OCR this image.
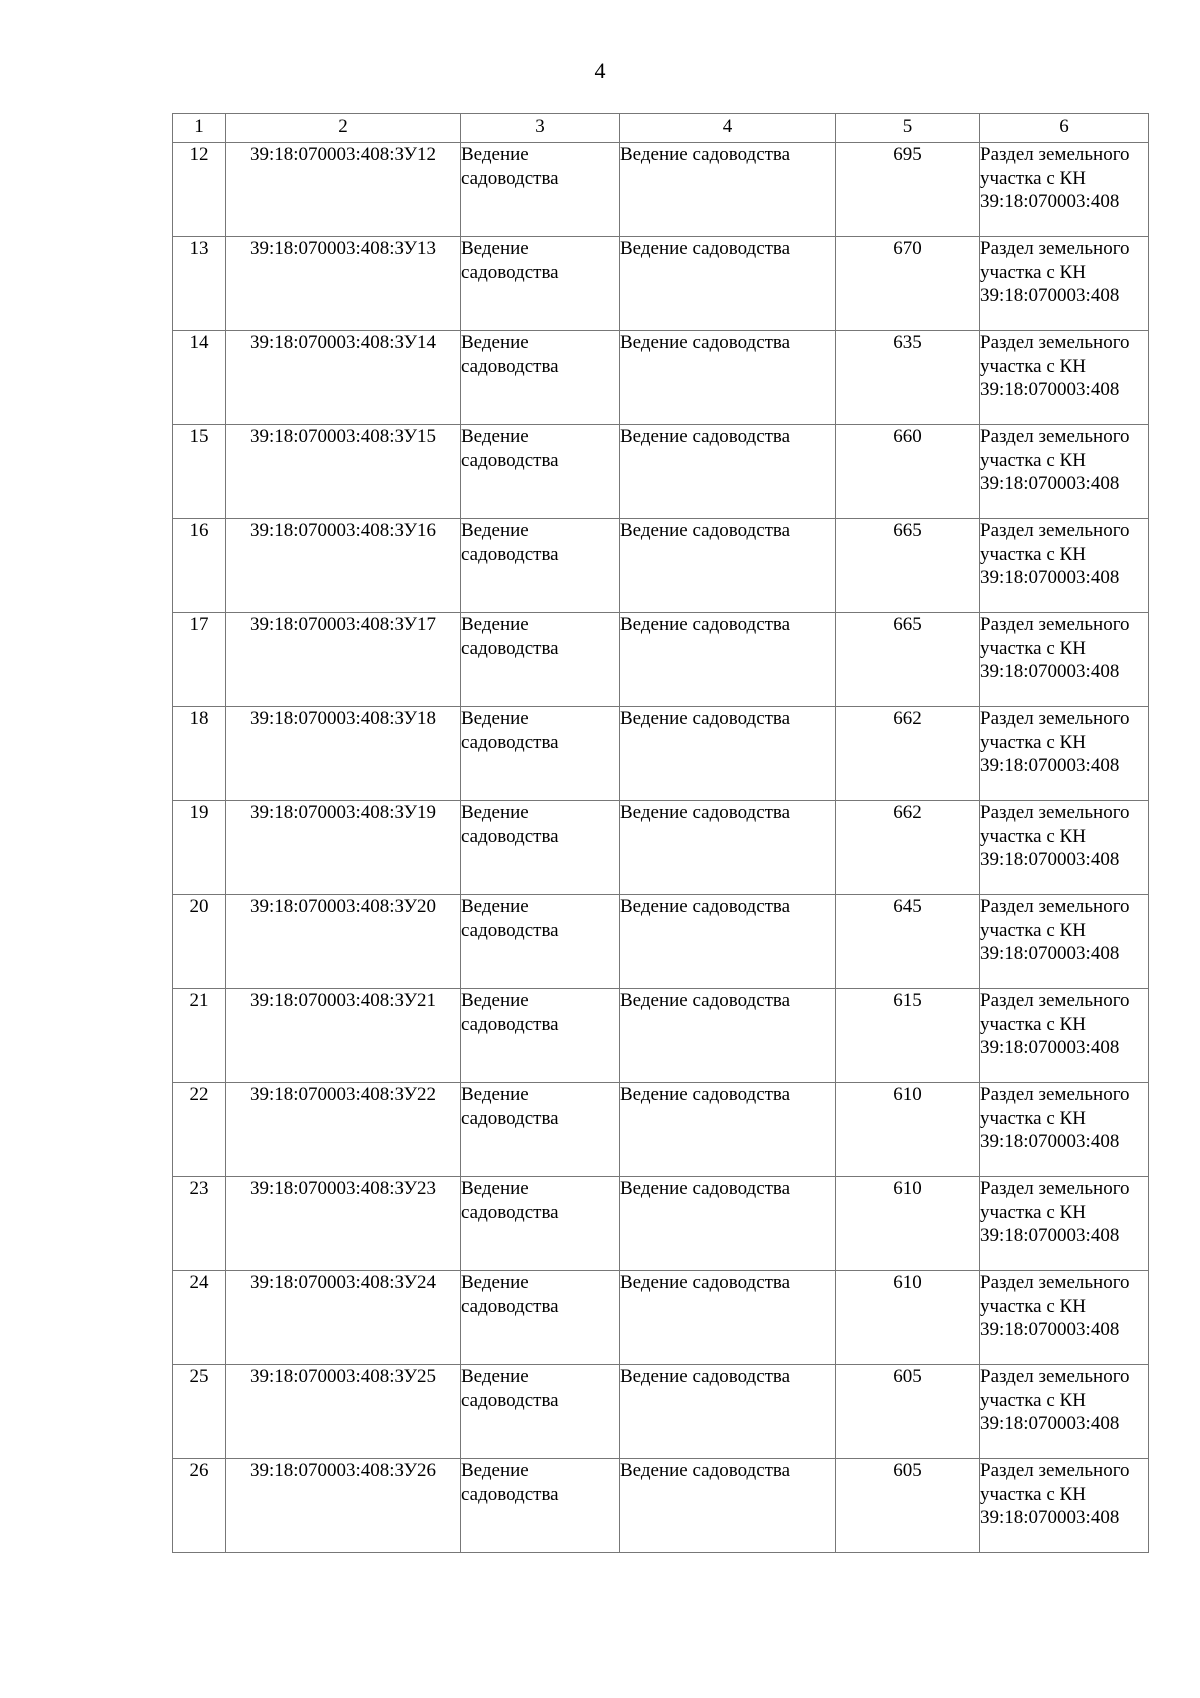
4
1	2	3	4	5	6
12	39:18:070003:408:ЗУ12	Ведение садоводства	Ведение садоводства	695	Раздел земельного участка с КН 39:18:070003:408
13	39:18:070003:408:ЗУ13	Ведение садоводства	Ведение садоводства	670	Раздел земельного участка с КН 39:18:070003:408
14	39:18:070003:408:ЗУ14	Ведение садоводства	Ведение садоводства	635	Раздел земельного участка с КН 39:18:070003:408
15	39:18:070003:408:ЗУ15	Ведение садоводства	Ведение садоводства	660	Раздел земельного участка с КН 39:18:070003:408
16	39:18:070003:408:ЗУ16	Ведение садоводства	Ведение садоводства	665	Раздел земельного участка с КН 39:18:070003:408
17	39:18:070003:408:ЗУ17	Ведение садоводства	Ведение садоводства	665	Раздел земельного участка с КН 39:18:070003:408
18	39:18:070003:408:ЗУ18	Ведение садоводства	Ведение садоводства	662	Раздел земельного участка с КН 39:18:070003:408
19	39:18:070003:408:ЗУ19	Ведение садоводства	Ведение садоводства	662	Раздел земельного участка с КН 39:18:070003:408
20	39:18:070003:408:ЗУ20	Ведение садоводства	Ведение садоводства	645	Раздел земельного участка с КН 39:18:070003:408
21	39:18:070003:408:ЗУ21	Ведение садоводства	Ведение садоводства	615	Раздел земельного участка с КН 39:18:070003:408
22	39:18:070003:408:ЗУ22	Ведение садоводства	Ведение садоводства	610	Раздел земельного участка с КН 39:18:070003:408
23	39:18:070003:408:ЗУ23	Ведение садоводства	Ведение садоводства	610	Раздел земельного участка с КН 39:18:070003:408
24	39:18:070003:408:ЗУ24	Ведение садоводства	Ведение садоводства	610	Раздел земельного участка с КН 39:18:070003:408
25	39:18:070003:408:ЗУ25	Ведение садоводства	Ведение садоводства	605	Раздел земельного участка с КН 39:18:070003:408
26	39:18:070003:408:ЗУ26	Ведение садоводства	Ведение садоводства	605	Раздел земельного участка с КН 39:18:070003:408
